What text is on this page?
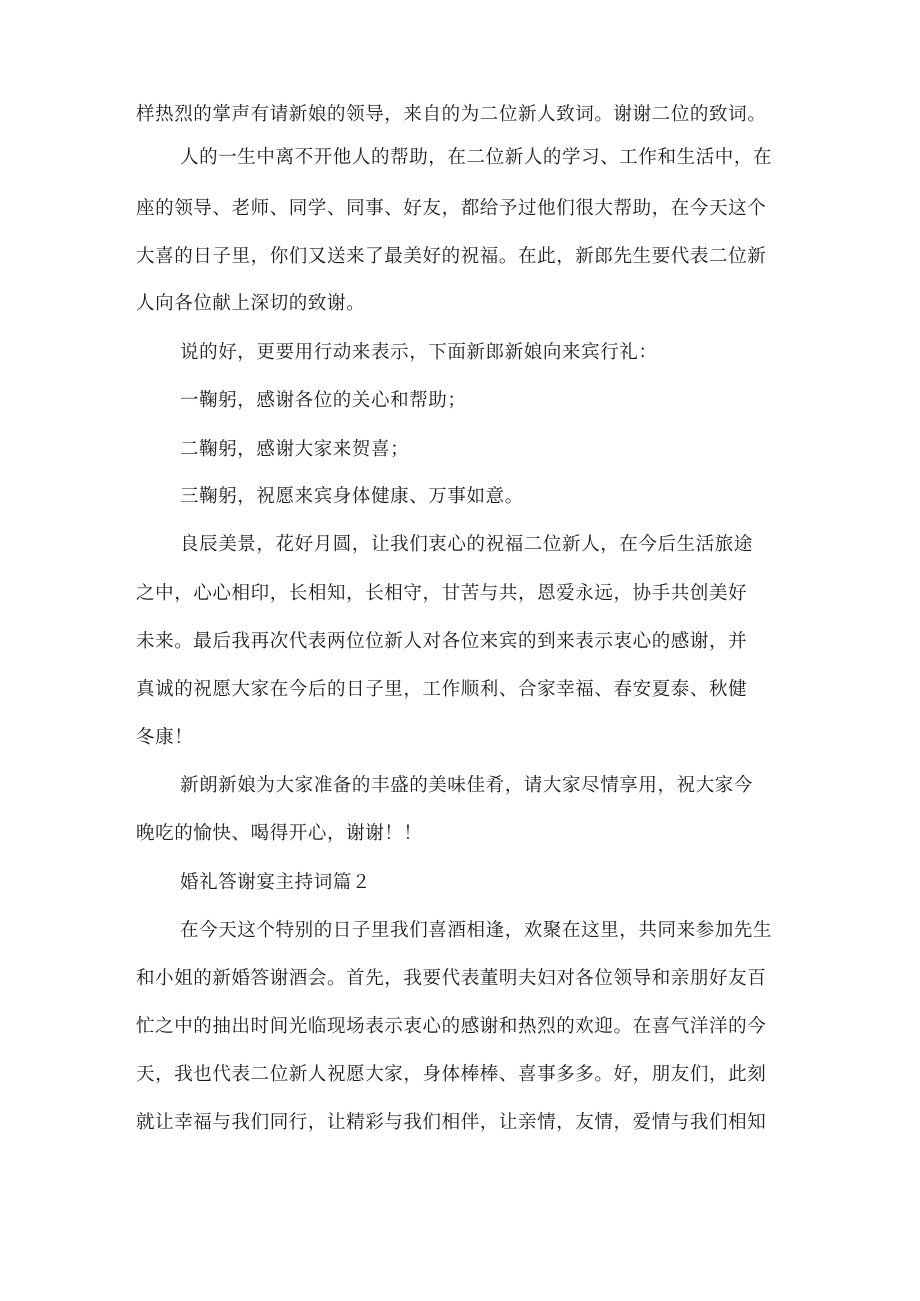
样热烈的掌声有请新娘的领导，来自的为二位新人致词。谢谢二位的致词。
人的一生中离不开他人的帮助，在二位新人的学习、工作和生活中，在
座的领导、老师、同学、同事、好友，都给予过他们很大帮助，在今天这个
大喜的日子里，你们又送来了最美好的祝福。在此，新郎先生要代表二位新
人向各位献上深切的致谢。
说的好，更要用行动来表示，下面新郎新娘向来宾行礼：
一鞠躬，感谢各位的关心和帮助；
二鞠躬，感谢大家来贺喜；
三鞠躬，祝愿来宾身体健康、万事如意。
良辰美景，花好月圆，让我们衷心的祝福二位新人，在今后生活旅途
之中，心心相印，长相知，长相守，甘苦与共，恩爱永远，协手共创美好
未来。最后我再次代表两位位新人对各位来宾的到来表示衷心的感谢，并
真诚的祝愿大家在今后的日子里，工作顺利、合家幸福、春安夏泰、秋健
冬康！
新朗新娘为大家准备的丰盛的美味佳肴，请大家尽情享用，祝大家今
晚吃的愉快、喝得开心，谢谢！！
婚礼答谢宴主持词篇２
在今天这个特别的日子里我们喜酒相逢，欢聚在这里，共同来参加先生
和小姐的新婚答谢酒会。首先，我要代表董明夫妇对各位领导和亲朋好友百
忙之中的抽出时间光临现场表示衷心的感谢和热烈的欢迎。在喜气洋洋的今
天，我也代表二位新人祝愿大家，身体棒棒、喜事多多。好，朋友们，此刻
就让幸福与我们同行，让精彩与我们相伴，让亲情，友情，爱情与我们相知
